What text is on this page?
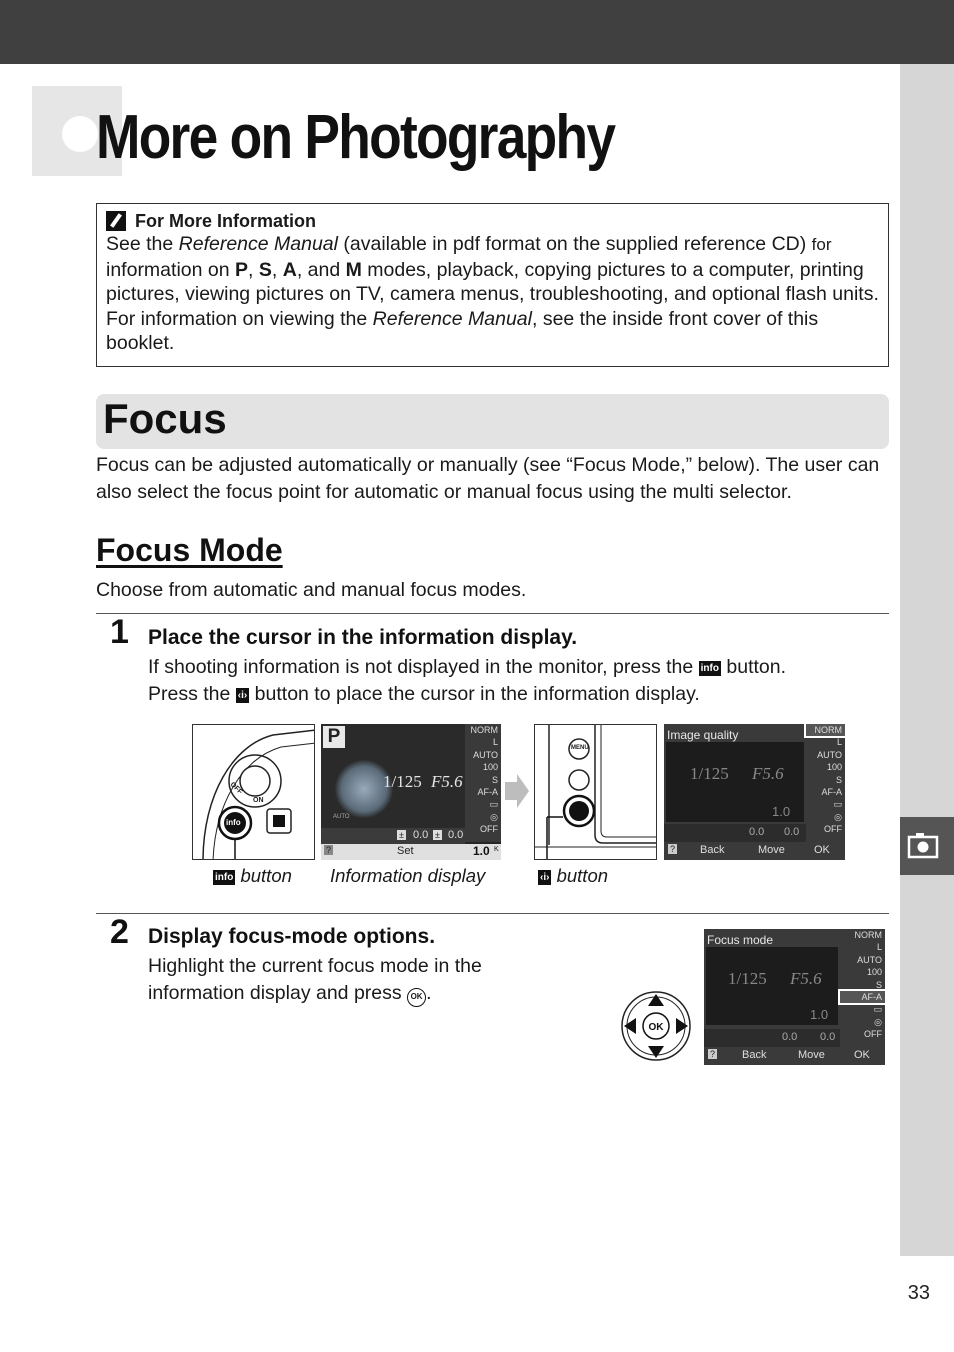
More on Photography
For More Information
See the Reference Manual (available in pdf format on the supplied reference CD) for information on P, S, A, and M modes, playback, copying pictures to a computer, printing pictures, viewing pictures on TV, camera menus, troubleshooting, and optional flash units. For information on viewing the Reference Manual, see the inside front cover of this booklet.
Focus
Focus can be adjusted automatically or manually (see “Focus Mode,” below). The user can also select the focus point for automatic or manual focus using the multi selector.
Focus Mode
Choose from automatic and manual focus modes.
1 Place the cursor in the information display.
If shooting information is not displayed in the monitor, press the info button.
Press the ‹i› button to place the cursor in the information display.
OFF
ON
info
P
1/125 F5.6
AUTO
NORM
L
AUTO
100
S
AF-A
▭
◎
OFF
± 0.0 ± 0.0
?	Set	1.0 K
MENU
Image quality
1/125 F5.6
1.0
NORM
L
AUTO
100
S
AF-A
▭
◎
OFF
0.0 0.0
? Back	Move	OK
info button Information display	‹i› button
2 Display focus-mode options.
Highlight the current focus mode in the
information display and press OK .
OK
Focus mode
1/125 F5.6
1.0
NORM
L
AUTO
100
S
AF-A
▭
◎
OFF
0.0 0.0
? Back	Move	OK
33
